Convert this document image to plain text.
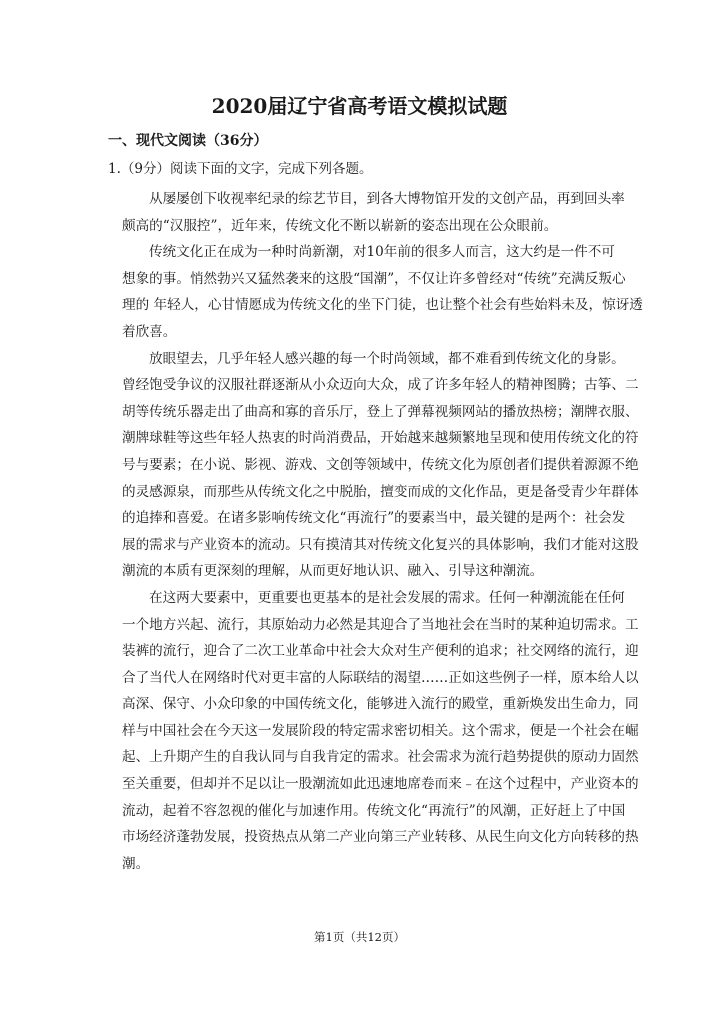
2020届辽宁省高考语文模拟试题
一、现代文阅读（36分）
1.（9分）阅读下面的文字，完成下列各题。
从屡屡创下收视率纪录的综艺节目，到各大博物馆开发的文创产品，再到回头率
颇高的“汉服控”，近年来，传统文化不断以崭新的姿态出现在公众眼前。
传统文化正在成为一种时尚新潮，对10年前的很多人而言，这大约是一件不可
想象的事。悄然勃兴又猛然袭来的这股“国潮”，不仅让许多曾经对“传统”充满反叛心
理的 年轻人，心甘情愿成为传统文化的坐下门徒，也让整个社会有些始料未及，惊讶透
着欣喜。
放眼望去，几乎年轻人感兴趣的每一个时尚领域，都不难看到传统文化的身影。
曾经饱受争议的汉服社群逐渐从小众迈向大众，成了许多年轻人的精神图腾；古筝、二
胡等传统乐器走出了曲高和寡的音乐厅，登上了弹幕视频网站的播放热榜；潮牌衣服、
潮牌球鞋等这些年轻人热衷的时尚消费品，开始越来越频繁地呈现和使用传统文化的符
号与要素；在小说、影视、游戏、文创等领域中，传统文化为原创者们提供着源源不绝
的灵感源泉，而那些从传统文化之中脱胎，擅变而成的文化作品，更是备受青少年群体
的追捧和喜爱。在诸多影响传统文化“再流行”的要素当中，最关键的是两个：社会发
展的需求与产业资本的流动。只有摸清其对传统文化复兴的具体影响，我们才能对这股
潮流的本质有更深刻的理解，从而更好地认识、融入、引导这种潮流。
在这两大要素中，更重要也更基本的是社会发展的需求。任何一种潮流能在任何
一个地方兴起、流行，其原始动力必然是其迎合了当地社会在当时的某种迫切需求。工
装裤的流行，迎合了二次工业革命中社会大众对生产便利的追求；社交网络的流行，迎
合了当代人在网络时代对更丰富的人际联结的渴望……正如这些例子一样，原本给人以
高深、保守、小众印象的中国传统文化，能够进入流行的殿堂，重新焕发出生命力，同
样与中国社会在今天这一发展阶段的特定需求密切相关。这个需求，便是一个社会在崛
起、上升期产生的自我认同与自我肯定的需求。社会需求为流行趋势提供的原动力固然
至关重要，但却并不足以让一股潮流如此迅速地席卷而来﹣在这个过程中，产业资本的
流动，起着不容忽视的催化与加速作用。传统文化“再流行”的风潮，正好赶上了中国
市场经济蓬勃发展，投资热点从第二产业向第三产业转移、从民生向文化方向转移的热
潮。
第1页（共12页）
